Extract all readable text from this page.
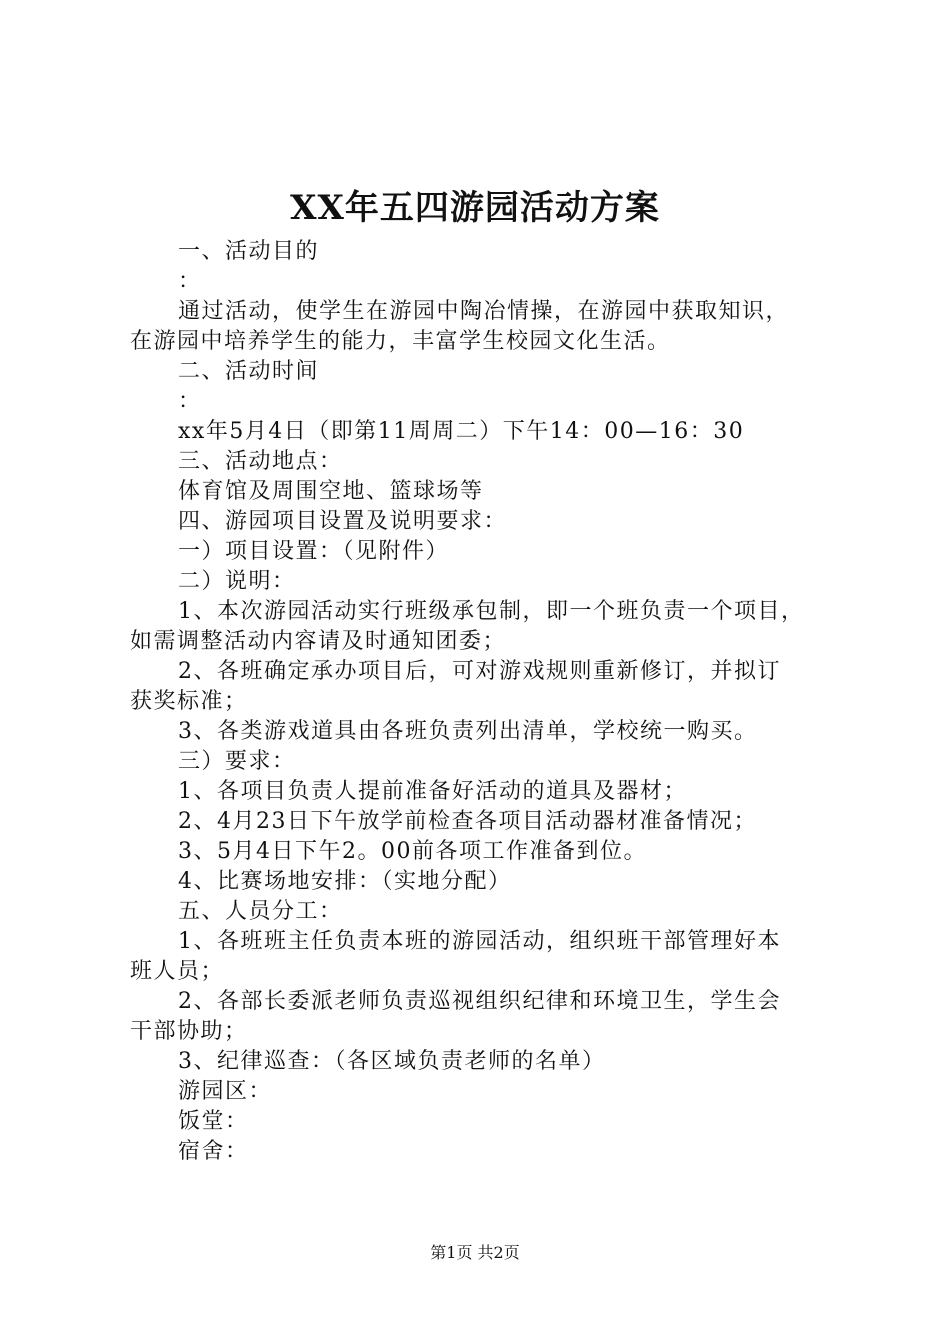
XX年五四游园活动方案
一、活动目的
：
通过活动，使学生在游园中陶冶情操，在游园中获取知识，
在游园中培养学生的能力，丰富学生校园文化生活。
二、活动时间
：
xx年5月4日（即第11周周二）下午14：00—16：30
三、活动地点：
体育馆及周围空地、篮球场等
四、游园项目设置及说明要求：
一）项目设置：（见附件）
二）说明：
1、本次游园活动实行班级承包制，即一个班负责一个项目，
如需调整活动内容请及时通知团委；
2、各班确定承办项目后，可对游戏规则重新修订，并拟订
获奖标准；
3、各类游戏道具由各班负责列出清单，学校统一购买。
三）要求：
1、各项目负责人提前准备好活动的道具及器材；
2、4月23日下午放学前检查各项目活动器材准备情况；
3、5月4日下午2。00前各项工作准备到位。
4、比赛场地安排：（实地分配）
五、人员分工：
1、各班班主任负责本班的游园活动，组织班干部管理好本
班人员；
2、各部长委派老师负责巡视组织纪律和环境卫生，学生会
干部协助；
3、纪律巡查：（各区域负责老师的名单）
游园区：
饭堂：
宿舍：
第1页 共2页
